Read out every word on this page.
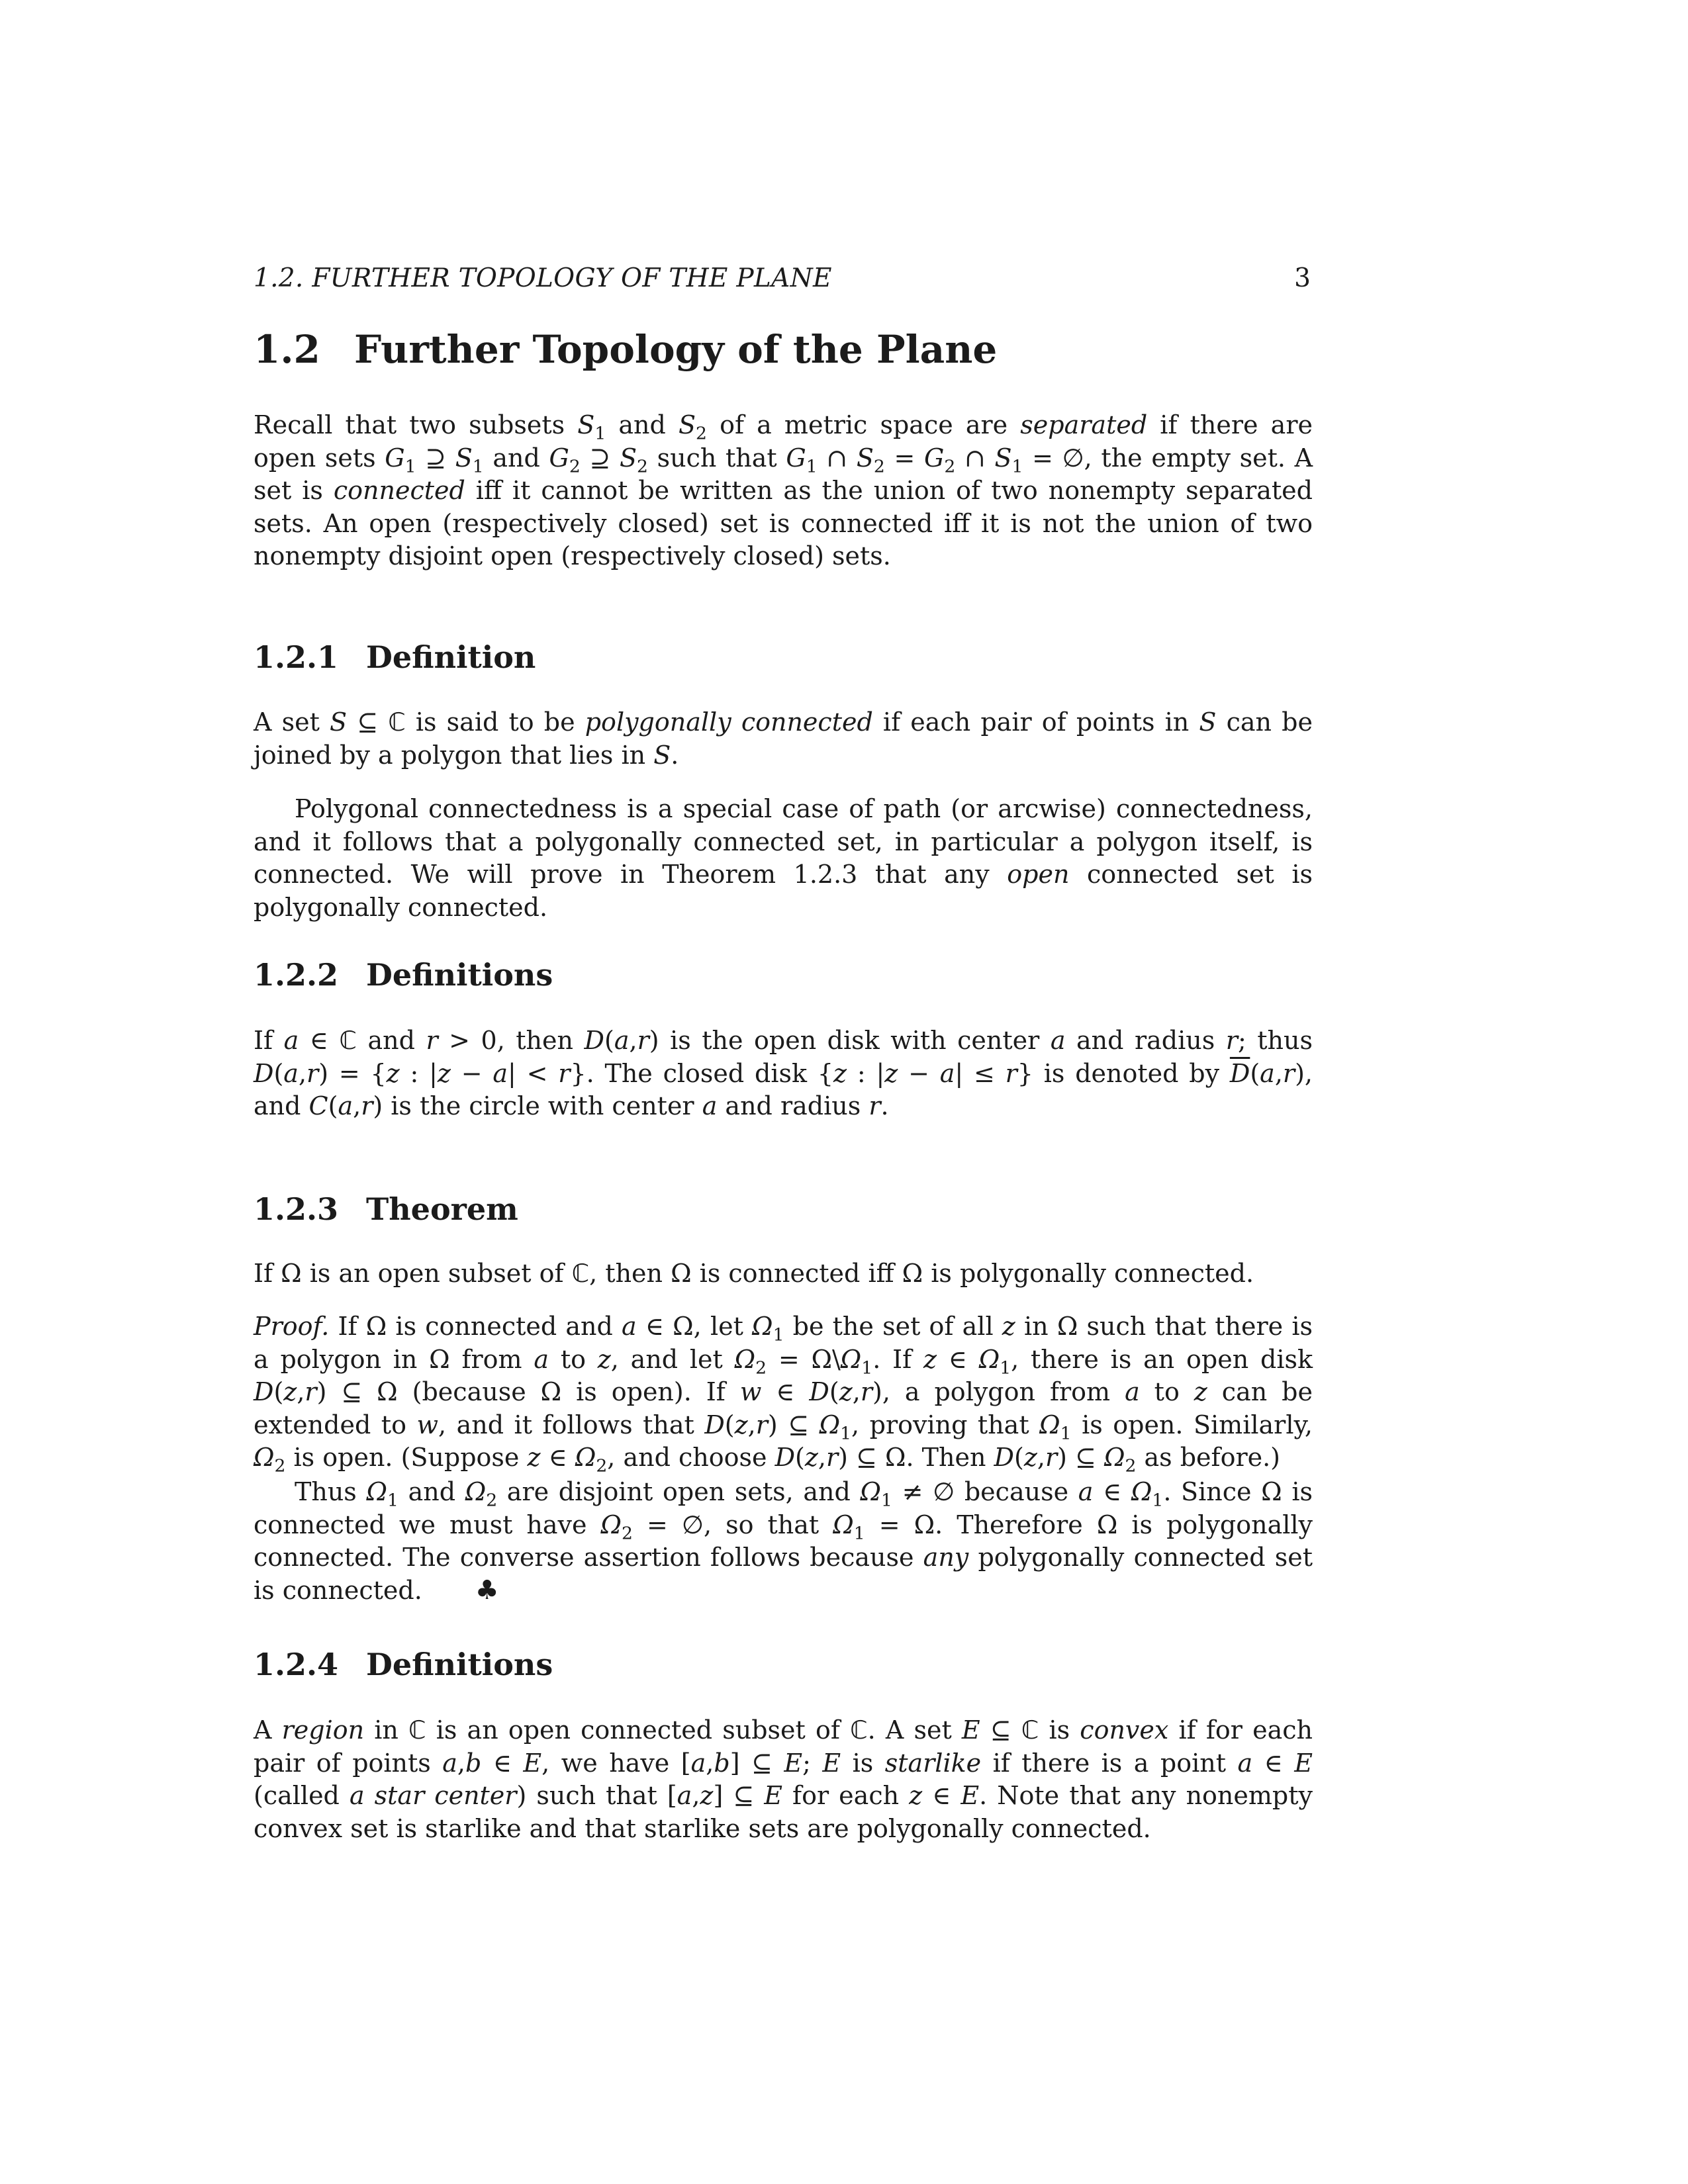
1.2. FURTHER TOPOLOGY OF THE PLANE	3
1.2 Further Topology of the Plane

Recall that two subsets $S_1$ and $S_2$ of a metric space are separated if there are open sets $G_1$ ⊇ $S_1$ and $G_2$ ⊇ $S_2$ such that $G_1$ ∩ $S_2 = G_2$ ∩ $S_1$ = ∅, the empty set. A set is connected iff it cannot be written as the union of two nonempty separated sets. An open (respectively closed) set is connected iff it is not the union of two nonempty disjoint open (respectively closed) sets.

1.2.1 Definition

A set S ⊆ ℂ is said to be polygonally connected if each pair of points in S can be joined by a polygon that lies in S.

Polygonal connectedness is a special case of path (or arcwise) connectedness, and it follows that a polygonally connected set, in particular a polygon itself, is connected. We will prove in Theorem 1.2.3 that any open connected set is polygonally connected.

1.2.2 Definitions

If a ∈ ℂ and r > 0, then D(a,r) is the open disk with center a and radius r; thus D(a,r) = {z : |z − a| < r}. The closed disk {z : |z − a| ≤ r} is denoted by $\overline{D}(a,r)$, and C(a,r) is the circle with center a and radius r.

1.2.3 Theorem

If Ω is an open subset of ℂ, then Ω is connected iff Ω is polygonally connected.

Proof. If Ω is connected and a ∈ Ω, let $\Omega_1$ be the set of all z in Ω such that there is a polygon in Ω from a to z, and let $\Omega_2$ = $\Omega\backslash\Omega_1$. If z ∈ $\Omega_1$, there is an open disk D(z,r) ⊆ Ω (because Ω is open). If w ∈ D(z,r), a polygon from a to z can be extended to w, and it follows that D(z,r) ⊆ $\Omega_1$, proving that $\Omega_1$ is open. Similarly, $\Omega_2$ is open. (Suppose z ∈ $\Omega_2$, and choose D(z,r) ⊆ Ω. Then D(z,r) ⊆ $\Omega_2$ as before.)

Thus $\Omega_1$ and $\Omega_2$ are disjoint open sets, and $\Omega_1$ ≠ ∅ because a ∈ $\Omega_1$. Since Ω is connected we must have $\Omega_2$ = ∅, so that $\Omega_1 = \Omega$. Therefore Ω is polygonally connected. The converse assertion follows because any polygonally connected set is connected. ♣

1.2.4 Definitions

A region in ℂ is an open connected subset of ℂ. A set E ⊆ ℂ is convex if for each pair of points a,b ∈ E, we have [a,b] ⊆ E; E is starlike if there is a point a ∈ E (called a star center) such that [a,z] ⊆ E for each z ∈ E. Note that any nonempty convex set is starlike and that starlike sets are polygonally connected.
